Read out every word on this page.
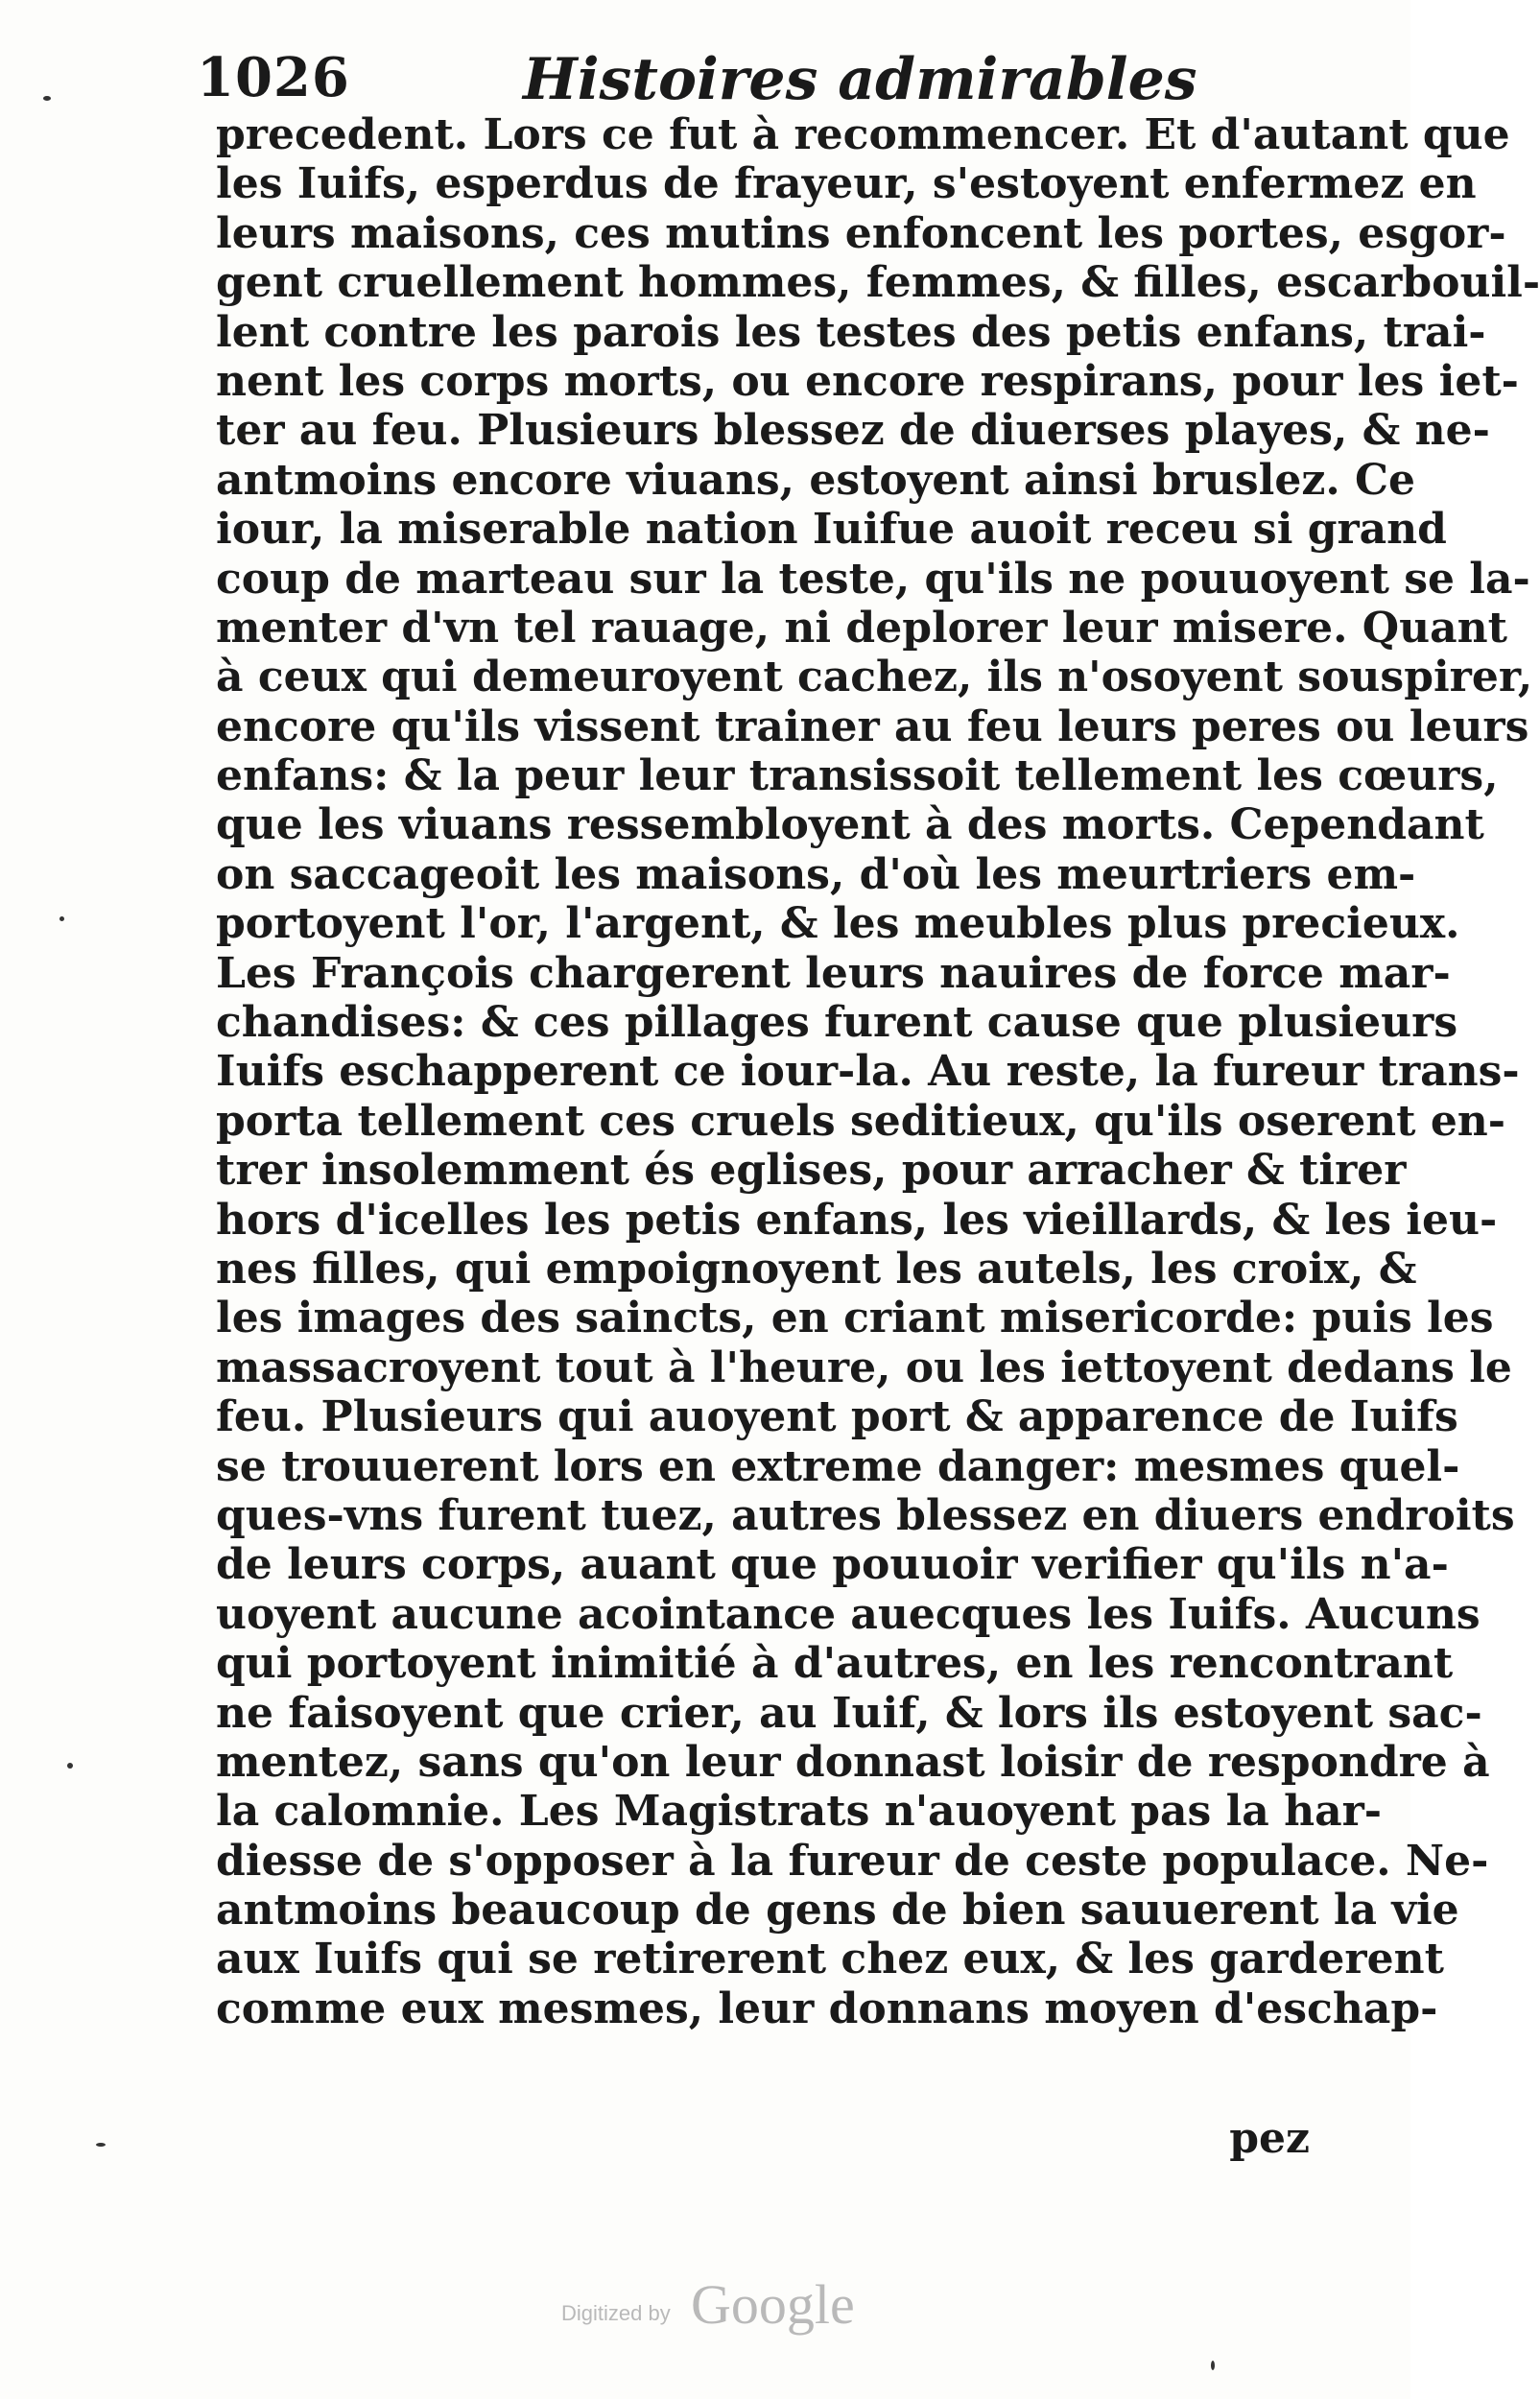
1026	Histoires admirables
precedent. Lors ce fut à recommencer. Et d'autant que
les Iuifs, esperdus de frayeur, s'estoyent enfermez en
leurs maisons, ces mutins enfoncent les portes, esgor-
gent cruellement hommes, femmes, & filles, escarbouil-
lent contre les parois les testes des petis enfans, trai-
nent les corps morts, ou encore respirans, pour les iet-
ter au feu. Plusieurs blessez de diuerses playes, & ne-
antmoins encore viuans, estoyent ainsi bruslez. Ce
iour, la miserable nation Iuifue auoit receu si grand
coup de marteau sur la teste, qu'ils ne pouuoyent se la-
menter d'vn tel rauage, ni deplorer leur misere. Quant
à ceux qui demeuroyent cachez, ils n'osoyent souspirer,
encore qu'ils vissent trainer au feu leurs peres ou leurs
enfans: & la peur leur transissoit tellement les cœurs,
que les viuans ressembloyent à des morts. Cependant
on saccageoit les maisons, d'où les meurtriers em-
portoyent l'or, l'argent, & les meubles plus precieux.
Les François chargerent leurs nauires de force mar-
chandises: & ces pillages furent cause que plusieurs
Iuifs eschapperent ce iour-la. Au reste, la fureur trans-
porta tellement ces cruels seditieux, qu'ils oserent en-
trer insolemment és eglises, pour arracher & tirer
hors d'icelles les petis enfans, les vieillards, & les ieu-
nes filles, qui empoignoyent les autels, les croix, &
les images des saincts, en criant misericorde: puis les
massacroyent tout à l'heure, ou les iettoyent dedans le
feu. Plusieurs qui auoyent port & apparence de Iuifs
se trouuerent lors en extreme danger: mesmes quel-
ques-vns furent tuez, autres blessez en diuers endroits
de leurs corps, auant que pouuoir verifier qu'ils n'a-
uoyent aucune acointance auecques les Iuifs. Aucuns
qui portoyent inimitié à d'autres, en les rencontrant
ne faisoyent que crier, au Iuif, & lors ils estoyent sac-
mentez, sans qu'on leur donnast loisir de respondre à
la calomnie. Les Magistrats n'auoyent pas la har-
diesse de s'opposer à la fureur de ceste populace. Ne-
antmoins beaucoup de gens de bien sauuerent la vie
aux Iuifs qui se retirerent chez eux, & les garderent
comme eux mesmes, leur donnans moyen d'eschap-
pez
Digitized by Google
